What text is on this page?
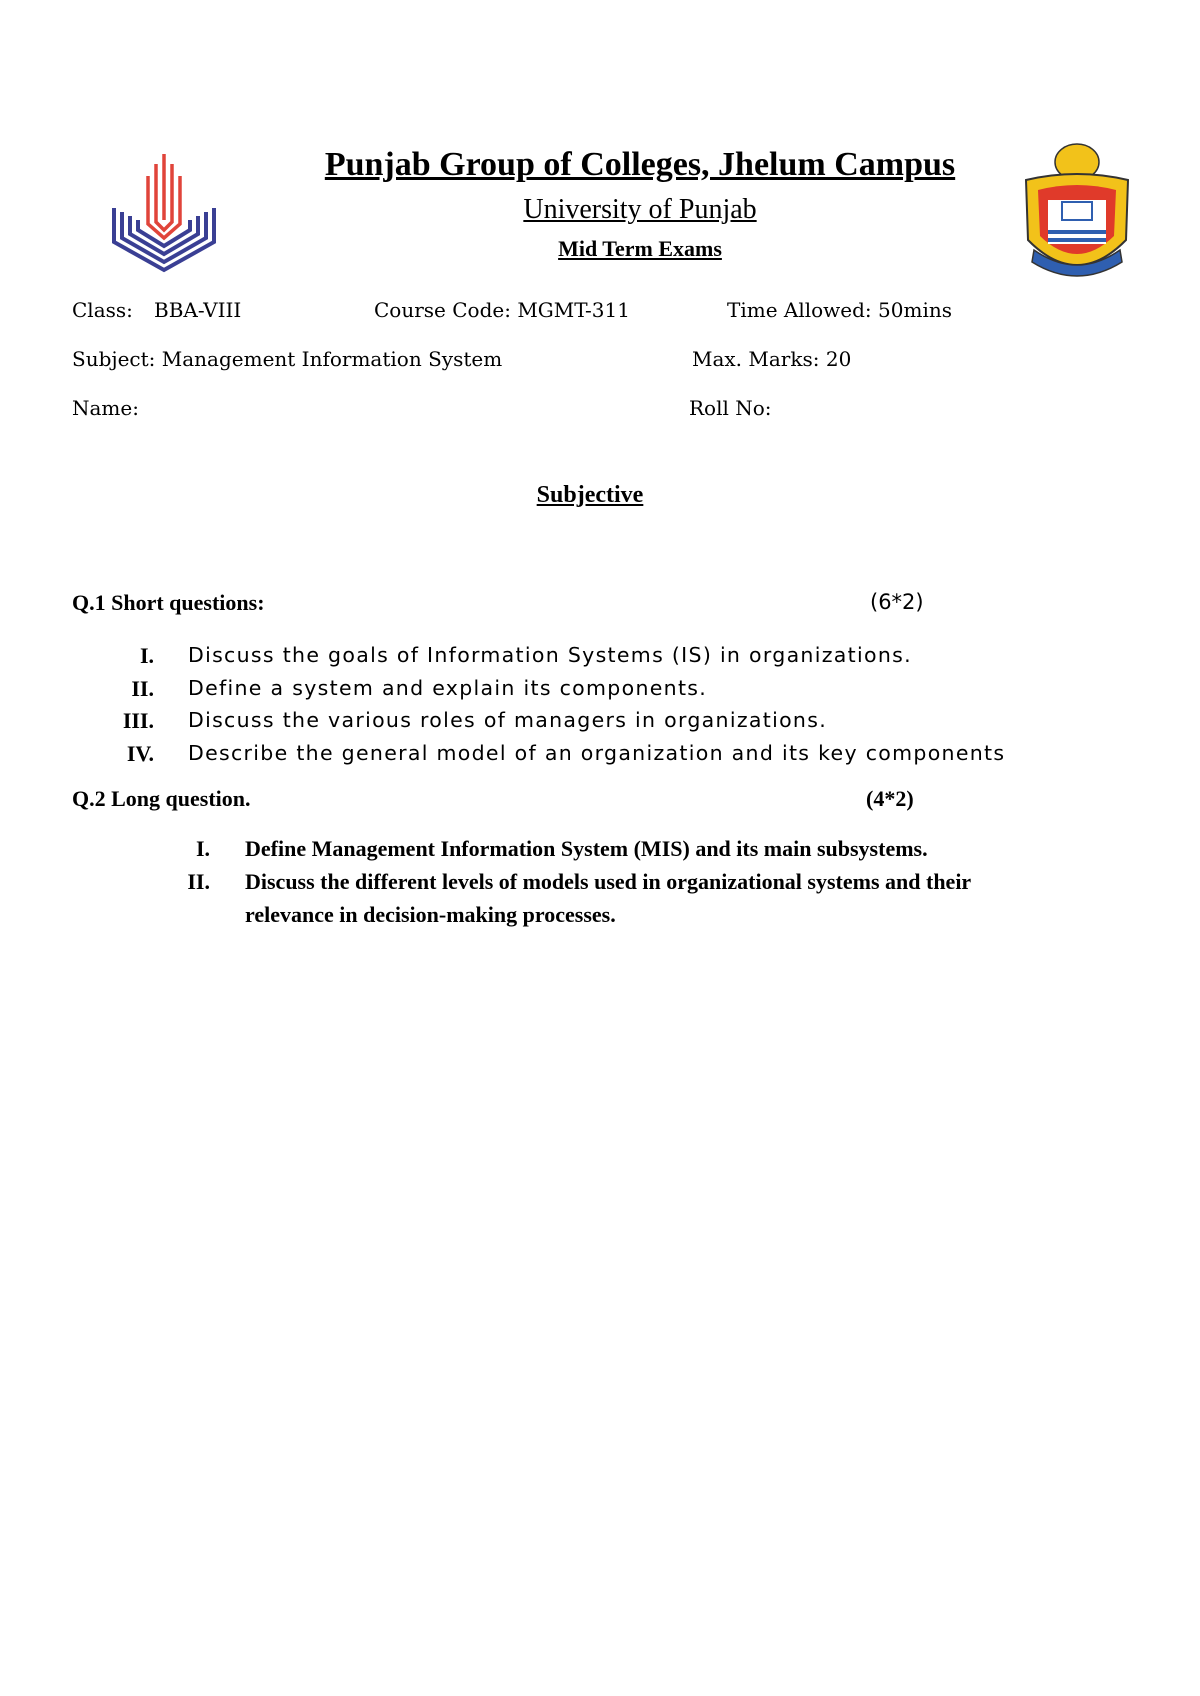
Punjab Group of Colleges, Jhelum Campus
University of Punjab
Mid Term Exams
Class: BBA-VIII	Course Code: MGMT-311	Time Allowed: 50mins
Subject: Management Information System	Max. Marks: 20
Name:	Roll No:
Subjective
Q.1 Short questions:	(6*2)
I. Discuss the goals of Information Systems (IS) in organizations.
II. Define a system and explain its components.
III. Discuss the various roles of managers in organizations.
IV. Describe the general model of an organization and its key components
Q.2 Long question.	(4*2)
I. Define Management Information System (MIS) and its main subsystems.
II. Discuss the different levels of models used in organizational systems and their
relevance in decision-making processes.
